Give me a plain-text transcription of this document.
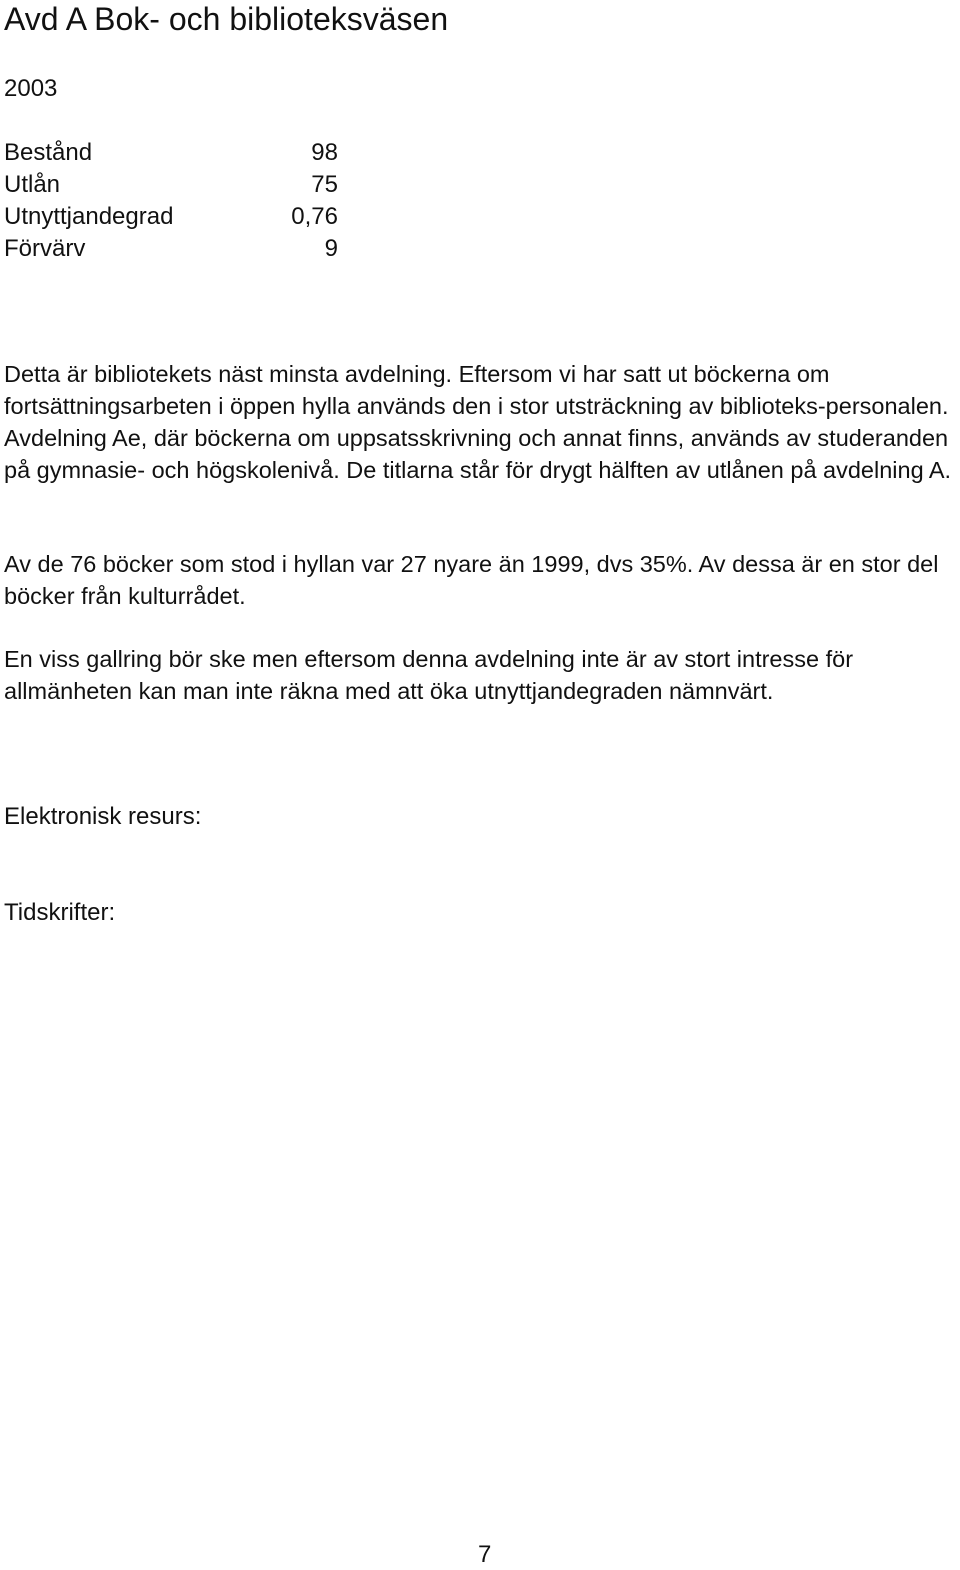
Avd A Bok- och biblioteksväsen
2003
Bestånd	98
Utlån	75
Utnyttjandegrad	0,76
Förvärv	9

Detta är bibliotekets näst minsta avdelning. Eftersom vi har satt ut böckerna om fortsättningsarbeten i öppen hylla används den i stor utsträckning av biblioteks-personalen. Avdelning Ae, där böckerna om uppsatsskrivning och annat finns, används av studeranden på gymnasie- och högskolenivå. De titlarna står för drygt hälften av utlånen på avdelning A.

Av de 76 böcker som stod i hyllan var 27 nyare än 1999, dvs 35%. Av dessa är en stor del böcker från kulturrådet.

En viss gallring bör ske men eftersom denna avdelning inte är av stort intresse för allmänheten kan man inte räkna med att öka utnyttjandegraden nämnvärt.

Elektronisk resurs:
Tidskrifter:
7
